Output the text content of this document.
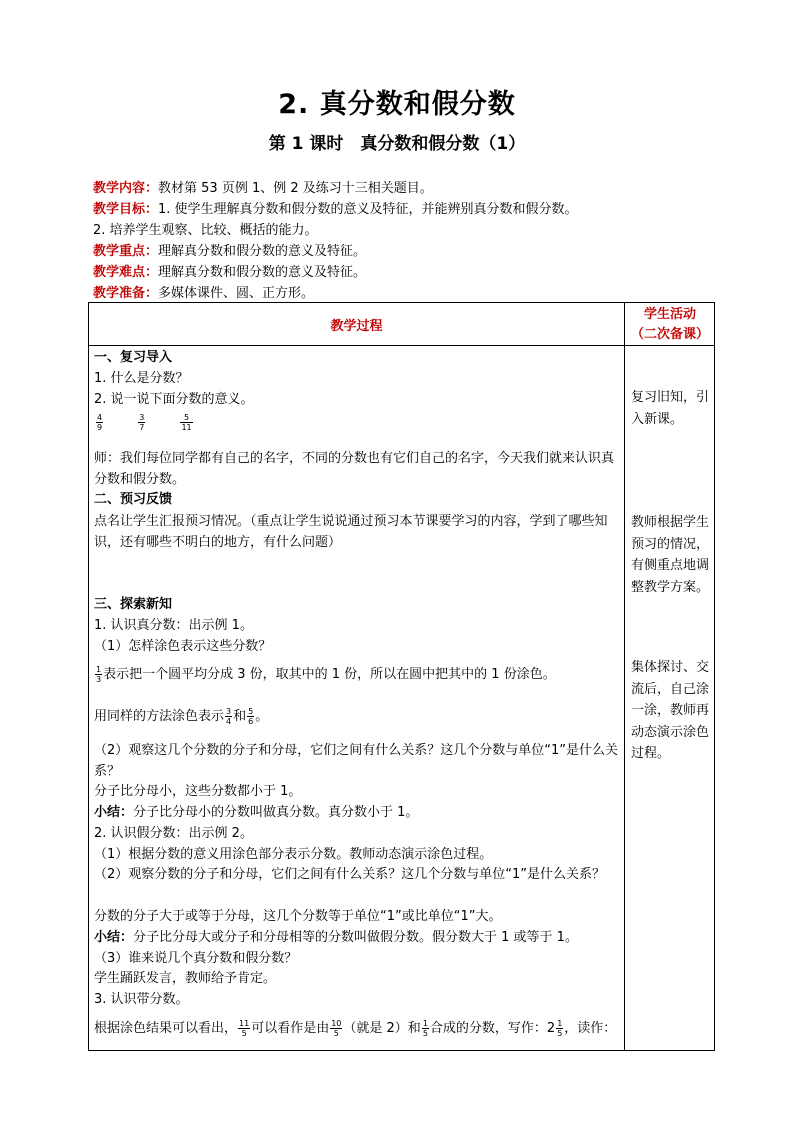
2. 真分数和假分数
第 1 课时　真分数和假分数（1）
教学内容：教材第 53 页例 1、例 2 及练习十三相关题目。
教学目标：1. 使学生理解真分数和假分数的意义及特征，并能辨别真分数和假分数。
2. 培养学生观察、比较、概括的能力。
教学重点：理解真分数和假分数的意义及特征。
教学难点：理解真分数和假分数的意义及特征。
教学准备：多媒体课件、圆、正方形。
教学过程
学生活动
（二次备课）
一、复习导入
1. 什么是分数？
2. 说一说下面分数的意义。
$\frac{4}{9}$
	$\frac{3}{7}$
	$\frac{5}{11}$
师：我们每位同学都有自己的名字，不同的分数也有它们自己的名字，今天我们就来认识真分数和假分数。
二、预习反馈
点名让学生汇报预习情况。（重点让学生说说通过预习本节课要学习的内容，学到了哪些知识，还有哪些不明白的地方，有什么问题）
三、探索新知
1. 认识真分数：出示例 1。
（1）怎样涂色表示这些分数？
$\frac{1}{3}$ 表示把一个圆平均分成 3 份，取其中的 1 份，所以在圆中把其中的 1 份涂色。
用同样的方法涂色表示 $\frac{3}{4}$ 和 $\frac{5}{6}$ 。
（2）观察这几个分数的分子和分母，它们之间有什么关系？这几个分数与单位“1”是什么关系？
分子比分母小，这些分数都小于 1。
小结：分子比分母小的分数叫做真分数。真分数小于 1。
2. 认识假分数：出示例 2。
（1）根据分数的意义用涂色部分表示分数。教师动态演示涂色过程。
（2）观察分数的分子和分母，它们之间有什么关系？这几个分数与单位“1”是什么关系？
分数的分子大于或等于分母，这几个分数等于单位“1”或比单位“1”大。
小结：分子比分母大或分子和分母相等的分数叫做假分数。假分数大于 1 或等于 1。
（3）谁来说几个真分数和假分数？
学生踊跃发言，教师给予肯定。
3. 认识带分数。
根据涂色结果可以看出， $\frac{11}{5}$ 可以看作是由 $\frac{10}{5}$ （就是 2）和 $\frac{1}{5}$ 合成的分数，写作：$2 \frac{1}{5}$ ，读作：
复习旧知，引入新课。
教师根据学生预习的情况，有侧重点地调整教学方案。
集体探讨、交流后，自己涂一涂，教师再动态演示涂色过程。
